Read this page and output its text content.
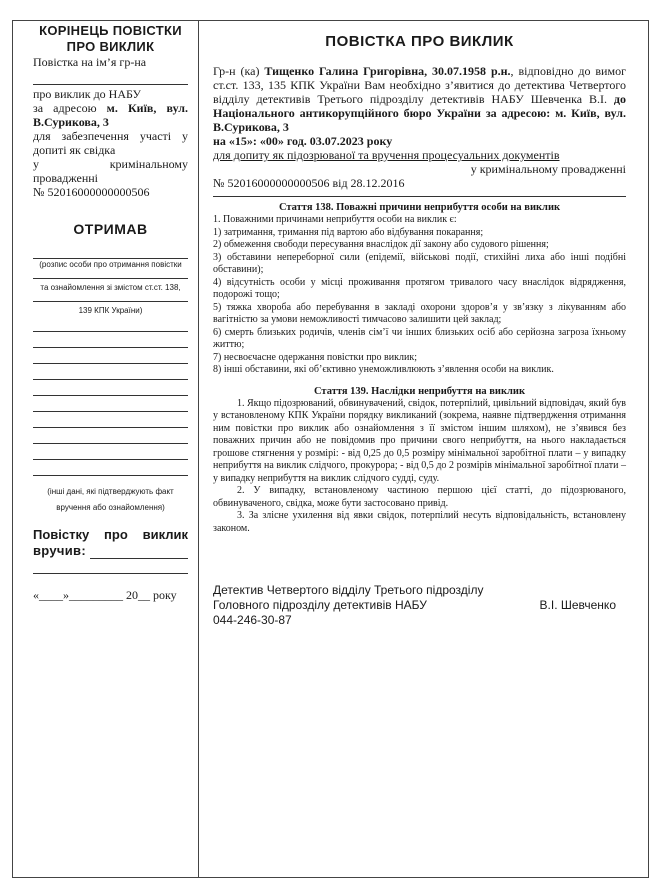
КОРІНЕЦЬ ПОВІСТКИ
ПРО ВИКЛИК
Повістка на ім’я гр-на
про виклик до НАБУ
за адресою м. Київ, вул. В.Сурикова, 3
для забезпечення участі у допиті як свідка
у кримінальному провадженні
№ 52016000000000506
ОТРИМАВ
(розпис особи про отримання повістки
та ознайомлення зі змістом ст.ст. 138,
139 КПК України)
(інші дані, які підтверджують факт
вручення або ознайомлення)
Повістку про виклик
вручив:
«____»_________ 20__ року
ПОВІСТКА ПРО ВИКЛИК
Гр-н (ка) Тищенко Галина Григорівна, 30.07.1958 р.н., відповідно до вимог ст.ст. 133, 135 КПК України Вам необхідно з’явитися до детектива Четвертого відділу детективів Третього підрозділу детективів НАБУ Шевченка В.І. до Національного антикорупційного бюро України за адресою: м. Київ, вул. В.Сурикова, 3
на «15»: «00» год. 03.07.2023 року
для допиту як підозрюваної та вручення процесуальних документів
у кримінальному провадженні
№ 52016000000000506 від 28.12.2016
Стаття 138. Поважні причини неприбуття особи на виклик
1. Поважними причинами неприбуття особи на виклик є:
1) затримання, тримання під вартою або відбування покарання;
2) обмеження свободи пересування внаслідок дії закону або судового рішення;
3) обставини непереборної сили (епідемії, військові події, стихійні лиха або інші подібні обставини);
4) відсутність особи у місці проживання протягом тривалого часу внаслідок відрядження, подорожі тощо;
5) тяжка хвороба або перебування в закладі охорони здоров’я у зв’язку з лікуванням або вагітністю за умови неможливості тимчасово залишити цей заклад;
6) смерть близьких родичів, членів сім’ї чи інших близьких осіб або серйозна загроза їхньому життю;
7) несвоєчасне одержання повістки про виклик;
8) інші обставини, які об’єктивно унеможливлюють з’явлення особи на виклик.
Стаття 139. Наслідки неприбуття на виклик
1. Якщо підозрюваний, обвинувачений, свідок, потерпілий, цивільний відповідач, який був у встановленому КПК України порядку викликаний (зокрема, наявне підтвердження отримання ним повістки про виклик або ознайомлення з її змістом іншим шляхом), не з’явився без поважних причин або не повідомив про причини свого неприбуття, на нього накладається грошове стягнення у розмірі: - від 0,25 до 0,5 розміру мінімальної заробітної плати – у випадку неприбуття на виклик слідчого, прокурора; - від 0,5 до 2 розмірів мінімальної заробітної плати – у випадку неприбуття на виклик слідчого судді, суду.
2. У випадку, встановленому частиною першою цієї статті, до підозрюваного, обвинуваченого, свідка, може бути застосовано привід.
3. За злісне ухилення від явки свідок, потерпілий несуть відповідальність, встановлену законом.
Детектив Четвертого відділу Третього підрозділу
Головного підрозділу детективів НАБУ	В.І. Шевченко
044-246-30-87
